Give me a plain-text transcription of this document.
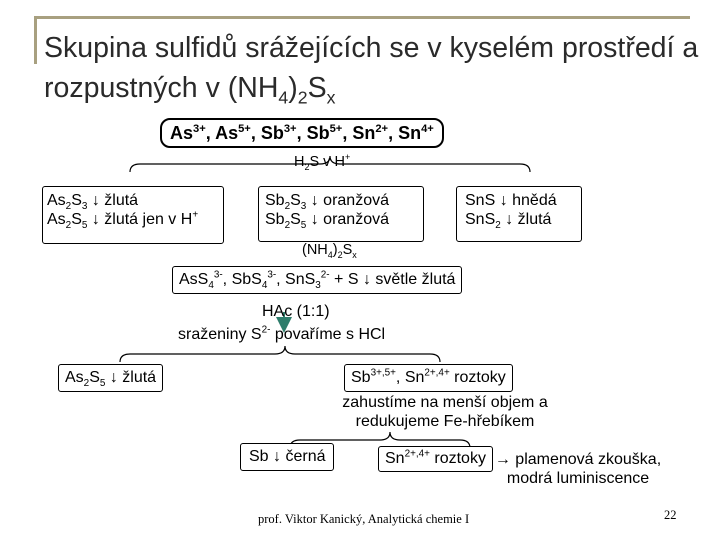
Skupina sulfidů srážejících se v kyselém prostředí a rozpustných v $(NH_4)_2S_x$
$As^{3+}$, $As^{5+}$, $Sb^{3+}$, $Sb^{5+}$, $Sn^{2+}$, $Sn^{4+}$
$H_2S$ v H+
$As_2S_3$ ↓ žlutá
$As_2S_5$ ↓ žlutá jen v H+
$Sb_2S_3$ ↓ oranžová
$Sb_2S_5$ ↓ oranžová
SnS ↓ hnědá
SnS$_2$ ↓ žlutá
$(NH_4)_2S_x$
AsS$_4^{3-}$, SbS$_4^{3-}$, SnS$_3^{2-}$ + S ↓ světle žlutá
HAc (1:1)
sraženiny $S^{2-}$ povaříme s HCl
$As_2S_5$ ↓ žlutá	$Sb^{3+,5+}$, $Sn^{2+,4+}$ roztoky
zahustíme na menší objem a
redukujeme Fe-hřebíkem
Sb ↓ černá	$Sn^{2+,4+}$ roztoky → plamenová zkouška,
modrá luminiscence
prof. Viktor Kanický, Analytická chemie I	22
